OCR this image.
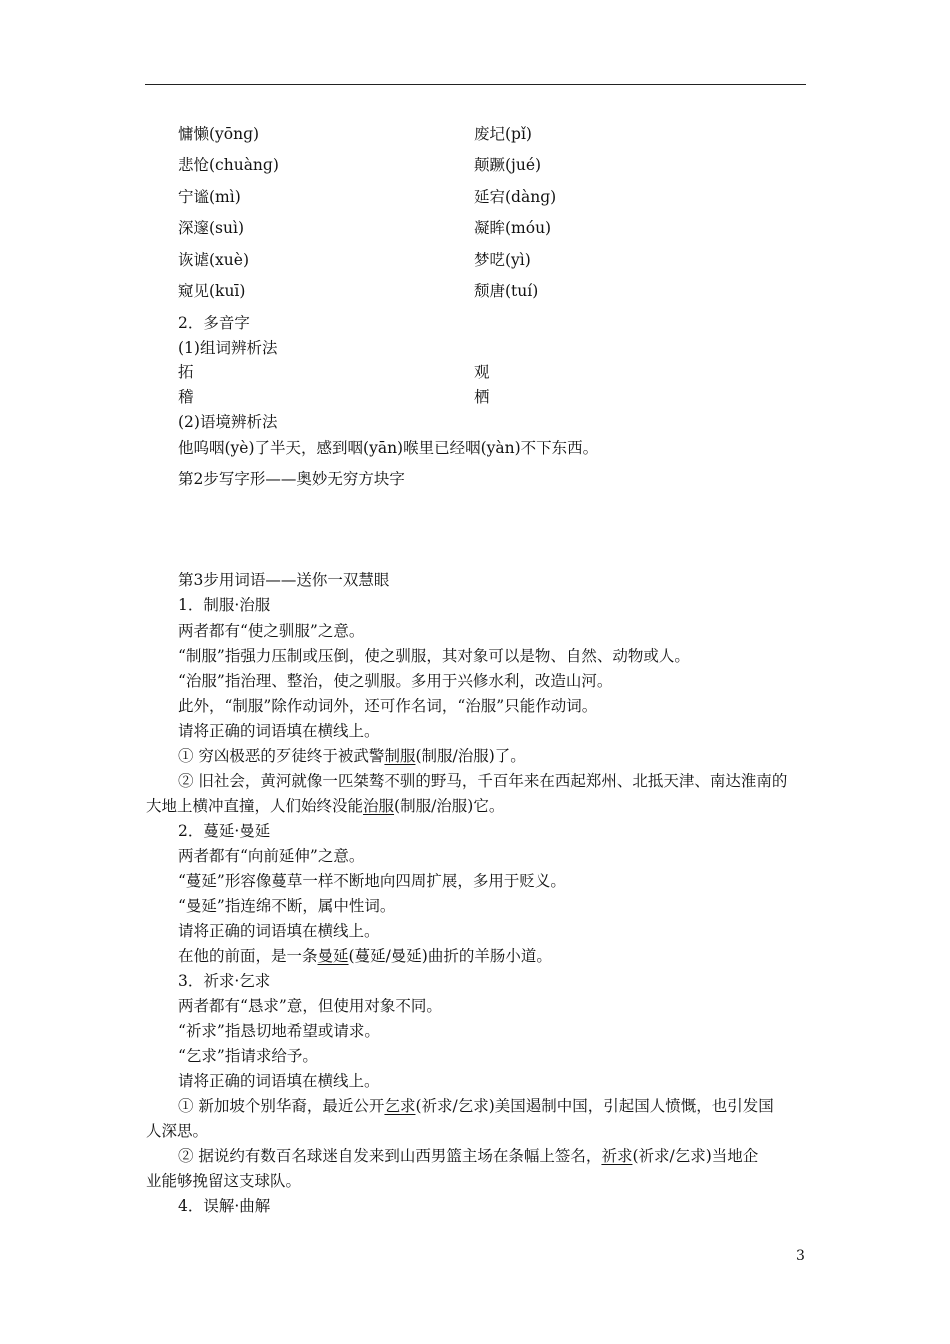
慵懒(yōnɡ)	废圮(pǐ)
悲怆(chuànɡ)	颠蹶(jué)
宁谧(mì)	延宕(dànɡ)
深邃(suì)	凝眸(móu)
诙谑(xuè)	梦呓(yì)
窥见(kuī)	颓唐(tuí)
2．多音字
(1)组词辨析法
拓	观
稽	栖
(2)语境辨析法
他呜咽(yè)了半天，感到咽(yān)喉里已经咽(yàn)不下东西。
第2步写字形——奥妙无穷方块字
第3步用词语——送你一双慧眼
1．制服·治服
两者都有“使之驯服”之意。
“制服”指强力压制或压倒，使之驯服，其对象可以是物、自然、动物或人。
“治服”指治理、整治，使之驯服。多用于兴修水利，改造山河。
此外，“制服”除作动词外，还可作名词，“治服”只能作动词。
请将正确的词语填在横线上。
① 穷凶极恶的歹徒终于被武警制服(制服/治服)了。
② 旧社会，黄河就像一匹桀骜不驯的野马，千百年来在西起郑州、北抵天津、南达淮南的
大地上横冲直撞，人们始终没能治服(制服/治服)它。
2．蔓延·曼延
两者都有“向前延伸”之意。
“蔓延”形容像蔓草一样不断地向四周扩展，多用于贬义。
“曼延”指连绵不断，属中性词。
请将正确的词语填在横线上。
在他的前面，是一条曼延(蔓延/曼延)曲折的羊肠小道。
3．祈求·乞求
两者都有“恳求”意，但使用对象不同。
“祈求”指恳切地希望或请求。
“乞求”指请求给予。
请将正确的词语填在横线上。
① 新加坡个别华裔，最近公开乞求(祈求/乞求)美国遏制中国，引起国人愤慨，也引发国
人深思。
② 据说约有数百名球迷自发来到山西男篮主场在条幅上签名，祈求(祈求/乞求)当地企
业能够挽留这支球队。
4．误解·曲解
3
